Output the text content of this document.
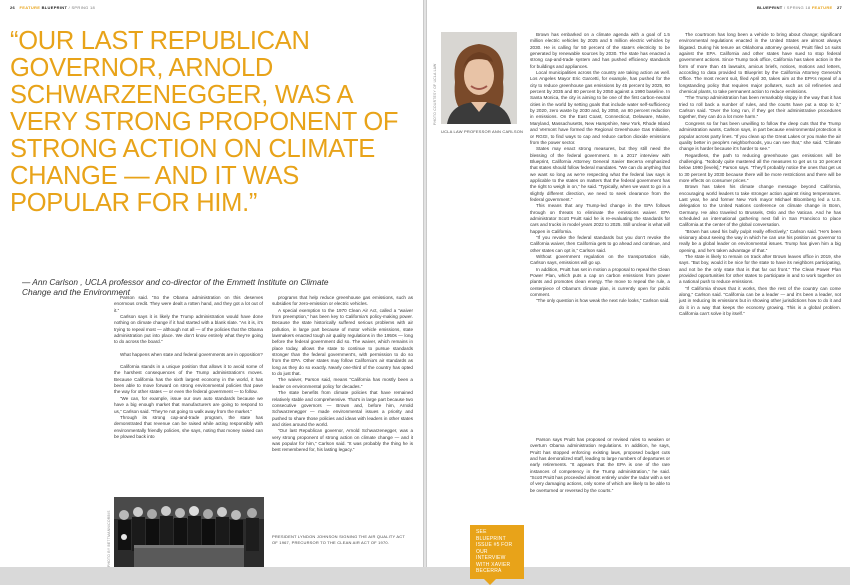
26 FEATURE BLUEPRINT / SPRING 18
“OUR LAST REPUBLICAN GOVERNOR, ARNOLD SCHWARZENEGGER, WAS A VERY STRONG PROPONENT OF STRONG ACTION ON CLIMATE CHANGE — AND IT WAS POPULAR FOR HIM.”
— Ann Carlson , UCLA professor and co-director of the Emmett Institute on Climate Change and the Environment

Parson said. “So the Obama administration on this deserves enormous credit. They were dealt a rotten hand, and they got a lot out of it.”

Carlson says it is likely the Trump administration would have done nothing on climate change if it had started with a blank slate. “As it is, it’s trying to repeal most — although not all — of the policies that the Obama administration put into place. We don’t know entirely what they’re going to do across the board.”

What happens when state and federal governments are in opposition?

California stands in a unique position that allows it to avoid some of the harshest consequences of the Trump administration’s moves. Because California has the sixth largest economy in the world, it has been able to move forward on strong environmental policies that pave the way for other states — or even the federal government — to follow.

“We can, for example, issue our own auto standards because we have a big enough market that manufacturers are going to respond to us,” Carlson said. “They’re not going to walk away from the market.”

Through its strong cap-and-trade program, the state has demonstrated that revenue can be raised while acting responsibly with environmentally friendly policies, she says, noting that money raised can be plowed back into

programs that help reduce greenhouse gas emissions, such as subsidies for zero-emission or electric vehicles.

A special exemption to the 1970 Clean Air Act, called a “waiver from preemption,” has been key to California’s policy-making power. Because the state historically suffered serious problems with air pollution, in large part because of motor vehicle emissions, state lawmakers enacted tough air quality regulations in the 1950s — long before the federal government did so. The waiver, which remains in place today, allows the state to continue to pursue standards stronger than the federal government’s, with permission to do so from the EPA. Other states may follow California’s air standards as long as they do so exactly. Nearly one-third of the country has opted to do just that.

The waiver, Parson said, means “California has mostly been a leader on environmental policy for decades.”

The state benefits from climate policies that have remained relatively stable and comprehensive. That’s in large part because two consecutive governors — Brown and, before him, Arnold Schwarzenegger — made environmental issues a priority and pushed to share those policies and ideas with leaders in other states and cities around the world.

“Our last Republican governor, Arnold Schwarzenegger, was a very strong proponent of strong action on climate change — and it was popular for him,” Carlson said. “It was probably the thing he is best remembered for, his lasting legacy.”

PHOTO BY BETTMANN/CORBIS	PRESIDENT LYNDON JOHNSON SIGNING THE AIR QUALITY ACT OF 1967, PRECURSOR TO THE CLEAN AIR ACT OF 1970.
BLUEPRINT / SPRING 18 FEATURE 27
PHOTO COURTESY OF UCLA LAW
UCLA LAW PROFESSOR ANN CARLSON

Brown has embarked on a climate agenda with a goal of 1.5 million electric vehicles by 2025 and 5 million electric vehicles by 2030. He is calling for 50 percent of the state’s electricity to be generated by renewable sources by 2030. The state has enacted a strong cap-and-trade system and has pushed efficiency standards for buildings and appliances.

Local municipalities across the country are taking action as well. Los Angeles Mayor Eric Garcetti, for example, has pushed for the city to reduce greenhouse gas emissions by 45 percent by 2025, 60 percent by 2035 and 80 percent by 2050 against a 1990 baseline. In Santa Monica, the city is aiming to be one of the first carbon-neutral cities in the world by setting goals that include water self-sufficiency by 2020, zero waste by 2030 and, by 2050, an 80 percent reduction in emissions. On the East Coast, Connecticut, Delaware, Maine, Maryland, Massachusetts, New Hampshire, New York, Rhode Island and Vermont have formed the Regional Greenhouse Gas Initiative, or RGGI, to find ways to cap and reduce carbon dioxide emissions from the power sector.

States may enact strong measures, but they still need the blessing of the federal government. In a 2017 interview with Blueprint, California Attorney General Xavier Becerra emphasized that states should follow federal mandates. “We can do anything that we want so long as we’re respecting what the federal law says is applicable to the states on matters that the federal government has the right to weigh in on,” he said. “Typically, when we want to go in a slightly different direction, we need to seek clearance from the federal government.”

This means that any Trump-led change in the EPA follows through on threats to eliminate the emissions waiver. EPA administrator Scott Pruitt said he is re-evaluating the standards for cars and trucks in model years 2022 to 2025. Still unclear is what will happen in California.

“If you revoke the federal standards but you don’t revoke the California waiver, then California gets to go ahead and continue, and other states can opt in,” Carlson said.

Without government regulation on the transportation side, Carlson says, emissions will go up.

In addition, Pruitt has set in motion a proposal to repeal the Clean Power Plan, which puts a cap on carbon emissions from power plants and promotes clean energy. The move to repeal the rule, a centerpiece of Obama’s climate plan, is currently open for public comment.

“The only question is how weak the next rule looks,” Carlson said.

Parson says Pruitt has proposed or revised rules to weaken or overturn Obama administration regulations. In addition, he says, Pruitt has stopped enforcing existing laws, proposed budget cuts and has demoralized staff, leading to large numbers of departures or early retirements. “It appears that the EPA is one of the rare instances of competency in the Trump administration,” he said. “Scott Pruitt has proceeded almost entirely under the radar with a set of very damaging actions, only some of which are likely to be able to be overturned or reversed by the courts.”

SEE BLUEPRINT ISSUE #5 FOR OUR INTERVIEW WITH XAVIER BECERRA

The courtroom has long been a vehicle to bring about change; significant environmental regulations enacted in the United States are almost always litigated. During his tenure as Oklahoma attorney general, Pruitt filed 14 suits against the EPA. California and other states have sued to stop federal government actions. Since Trump took office, California has taken action in the form of more than 45 lawsuits, amicus briefs, notices, motions and letters, according to data provided to Blueprint by the California Attorney General’s Office. The most recent suit, filed April 30, takes aim at the EPA’s repeal of a longstanding policy that requires major polluters, such as oil refineries and chemical plants, to take permanent action to reduce emissions.

“The Trump administration has been remarkably sloppy in the way that it has tried to roll back a number of rules, and the courts have put a stop to it,” Carlson said. “Over the long run, if they get their administrative procedures together, they can do a lot more harm.”

Congress so far has been unwilling to follow the deep cuts that the Trump administration wants, Carlson says, in part because environmental protection is popular across party lines. “If you clean up the Great Lakes or you make the air quality better in people’s neighborhoods, you can see that,” she said. “Climate change is harder because it’s harder to see.”

Regardless, the path to reducing greenhouse gas emissions will be challenging. “Nobody quite mastered all the measures to get us to 10 percent below 1990 [levels],” Parson says. “They’ll probably notice the ones that get us to 30 percent by 2030 because there will be more restrictions and there will be more effects on consumer prices.”

Brown has taken his climate change message beyond California, encouraging world leaders to take stronger action against rising temperatures. Last year, he and former New York mayor Michael Bloomberg led a U.S. delegation to the United Nations conference on climate change in Bonn, Germany. He also traveled to Brussels, Oslo and the Vatican. And he has scheduled an international gathering next fall in San Francisco to place California at the center of the global conversation.

“Brown has used his bully pulpit really effectively,” Carlson said. “He’s been visionary about seeing the way in which he can use his position as governor to really be a global leader on environmental issues. Trump has given him a big opening, and he’s taken advantage of that.”

The state is likely to remain on track after Brown leaves office in 2019, she says. “But boy, would it be nice for the state to have its neighbors participating, and not be the only state that is that far out front.” The Clean Power Plan provided opportunities for other states to participate in and to work together on a national push to reduce emissions.

“If California shows that it works, then the rest of the country can come along,” Carlson said. “California can be a leader — and it’s been a leader, not just in reducing its emissions but in showing other jurisdictions how to do it and do it in a way that keeps the economy growing. This is a global problem. California can’t solve it by itself.”
